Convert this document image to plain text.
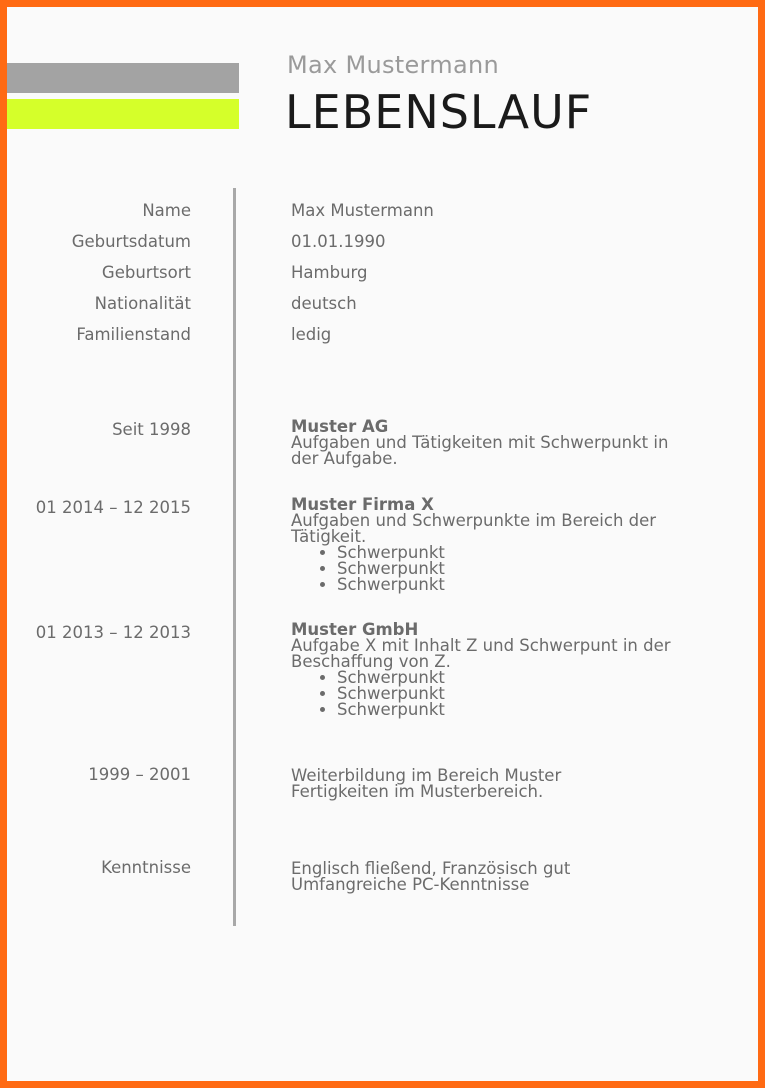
Max Mustermann
LEBENSLAUF
Name	Max Mustermann
Geburtsdatum	01.01.1990
Geburtsort	Hamburg
Nationalität	deutsch
Familienstand	ledig
Seit 1998	Muster AG
Aufgaben und Tätigkeiten mit Schwerpunkt in
der Aufgabe.
01 2014 – 12 2015	Muster Firma X
Aufgaben und Schwerpunkte im Bereich der
Tätigkeit.
• Schwerpunkt
• Schwerpunkt
• Schwerpunkt
01 2013 – 12 2013	Muster GmbH
Aufgabe X mit Inhalt Z und Schwerpunt in der
Beschaffung von Z.
• Schwerpunkt
• Schwerpunkt
• Schwerpunkt
1999 – 2001	Weiterbildung im Bereich Muster
Fertigkeiten im Musterbereich.
Kenntnisse	Englisch fließend, Französisch gut
Umfangreiche PC-Kenntnisse
